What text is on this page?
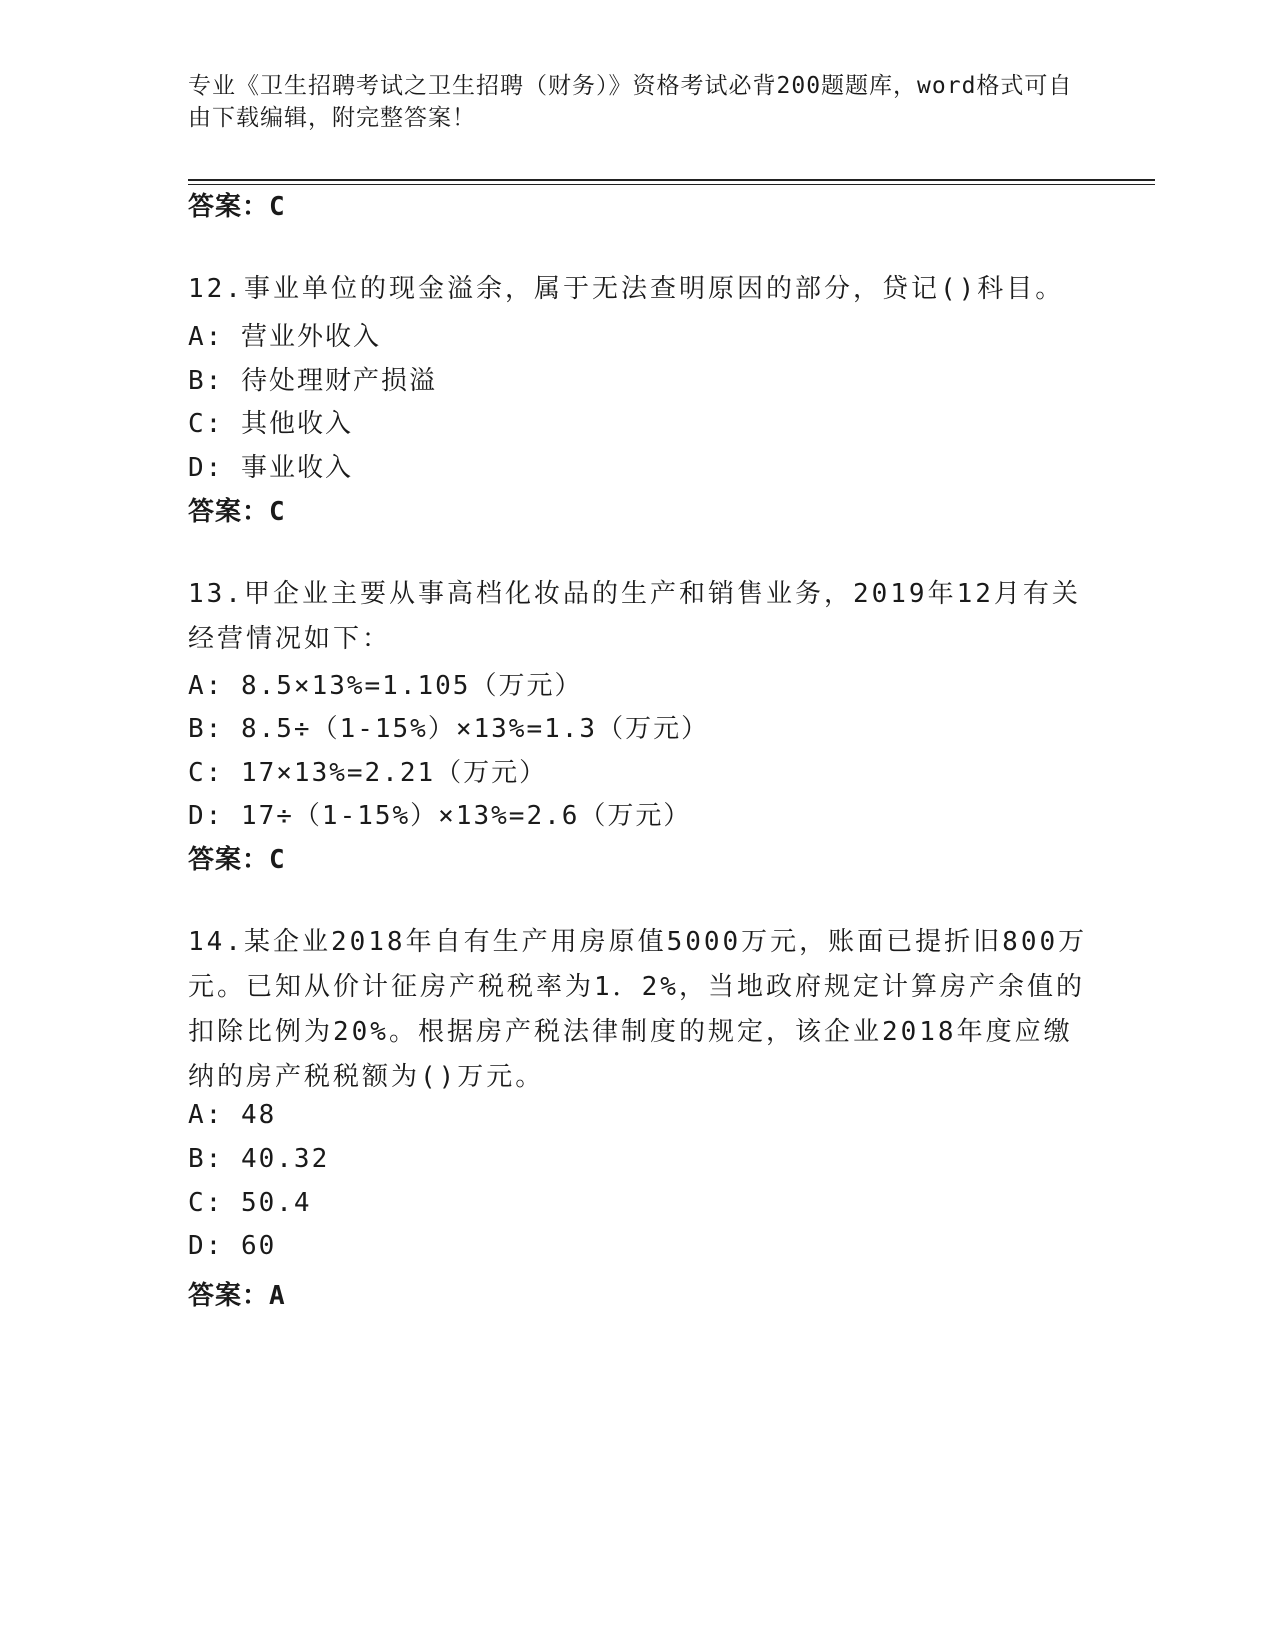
专业《卫生招聘考试之卫生招聘（财务）》资格考试必背200题题库，word格式可自由下载编辑，附完整答案！
答案：C
12.事业单位的现金溢余，属于无法查明原因的部分，贷记()科目。
A: 营业外收入
B: 待处理财产损溢
C: 其他收入
D: 事业收入
答案：C
13.甲企业主要从事高档化妆品的生产和销售业务，2019年12月有关经营情况如下：
A: 8.5×13%=1.105（万元）
B: 8.5÷（1-15%）×13%=1.3（万元）
C: 17×13%=2.21（万元）
D: 17÷（1-15%）×13%=2.6（万元）
答案：C
14.某企业2018年自有生产用房原值5000万元，账面已提折旧800万元。已知从价计征房产税税率为1．2%，当地政府规定计算房产余值的扣除比例为20%。根据房产税法律制度的规定，该企业2018年度应缴纳的房产税税额为()万元。
A: 48
B: 40.32
C: 50.4
D: 60
答案：A
